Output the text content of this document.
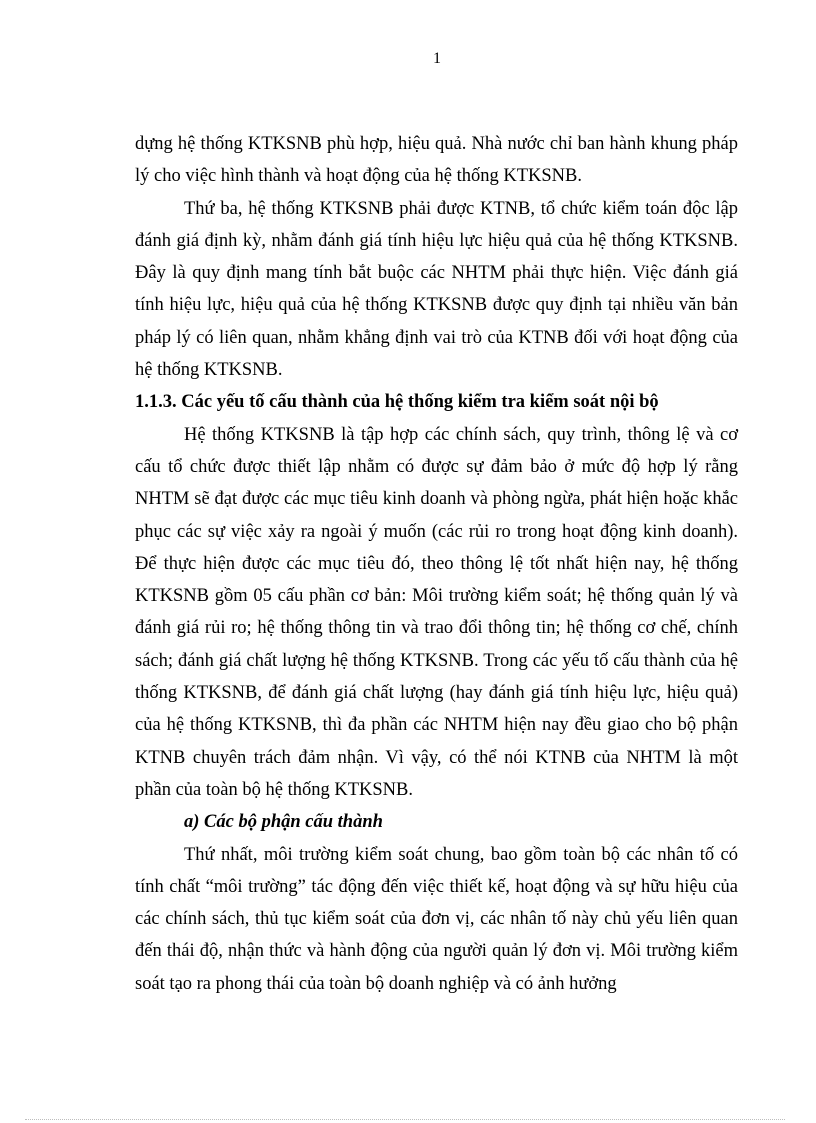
1

dựng hệ thống KTKSNB phù hợp, hiệu quả. Nhà nước chỉ ban hành khung pháp lý cho việc hình thành và hoạt động của hệ thống KTKSNB.

Thứ ba, hệ thống KTKSNB phải được KTNB, tổ chức kiểm toán độc lập đánh giá định kỳ, nhằm đánh giá tính hiệu lực hiệu quả của hệ thống KTKSNB. Đây là quy định mang tính bắt buộc các NHTM phải thực hiện. Việc đánh giá tính hiệu lực, hiệu quả của hệ thống KTKSNB được quy định tại nhiều văn bản pháp lý có liên quan, nhằm khẳng định vai trò của KTNB đối với hoạt động của hệ thống KTKSNB.

1.1.3. Các yếu tố cấu thành của hệ thống kiểm tra kiểm soát nội bộ

Hệ thống KTKSNB là tập hợp các chính sách, quy trình, thông lệ và cơ cấu tổ chức được thiết lập nhằm có được sự đảm bảo ở mức độ hợp lý rằng NHTM sẽ đạt được các mục tiêu kinh doanh và phòng ngừa, phát hiện hoặc khắc phục các sự việc xảy ra ngoài ý muốn (các rủi ro trong hoạt động kinh doanh). Để thực hiện được các mục tiêu đó, theo thông lệ tốt nhất hiện nay, hệ thống KTKSNB gồm 05 cấu phần cơ bản: Môi trường kiểm soát; hệ thống quản lý và đánh giá rủi ro; hệ thống thông tin và trao đổi thông tin; hệ thống cơ chế, chính sách; đánh giá chất lượng hệ thống KTKSNB. Trong các yếu tố cấu thành của hệ thống KTKSNB, để đánh giá chất lượng (hay đánh giá tính hiệu lực, hiệu quả) của hệ thống KTKSNB, thì đa phần các NHTM hiện nay đều giao cho bộ phận KTNB chuyên trách đảm nhận. Vì vậy, có thể nói KTNB của NHTM là một phần của toàn bộ hệ thống KTKSNB.

a) Các bộ phận cấu thành

Thứ nhất, môi trường kiểm soát chung, bao gồm toàn bộ các nhân tố có tính chất “môi trường” tác động đến việc thiết kế, hoạt động và sự hữu hiệu của các chính sách, thủ tục kiểm soát của đơn vị, các nhân tố này chủ yếu liên quan đến thái độ, nhận thức và hành động của người quản lý đơn vị. Môi trường kiểm soát tạo ra phong thái của toàn bộ doanh nghiệp và có ảnh hưởng
